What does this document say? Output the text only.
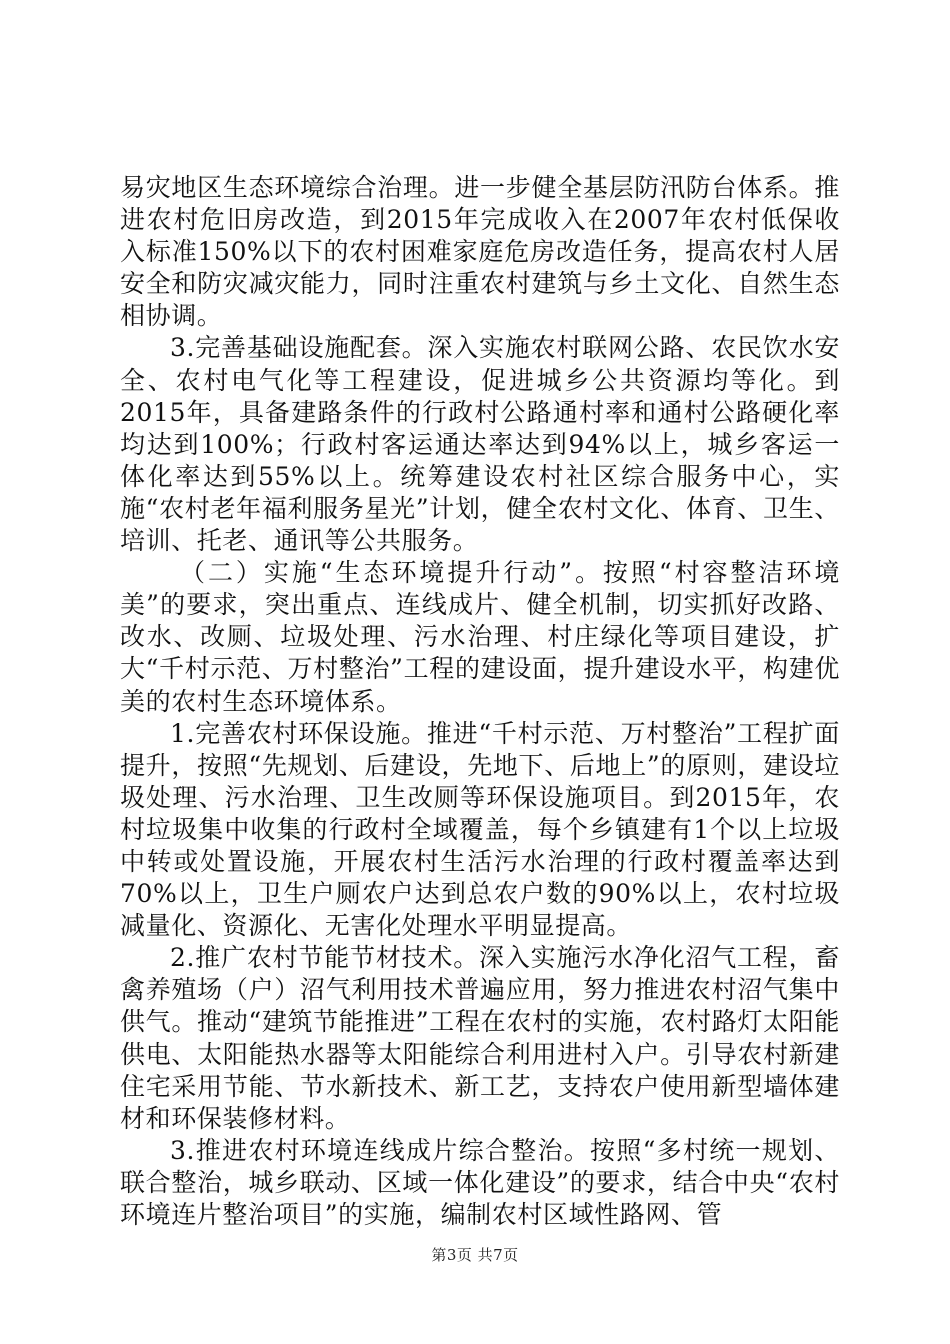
易灾地区生态环境综合治理。进一步健全基层防汛防台体系。推进农村危旧房改造，到2015年完成收入在2007年农村低保收入标准150%以下的农村困难家庭危房改造任务，提高农村人居安全和防灾减灾能力，同时注重农村建筑与乡土文化、自然生态相协调。

3.完善基础设施配套。深入实施农村联网公路、农民饮水安全、农村电气化等工程建设，促进城乡公共资源均等化。到2015年，具备建路条件的行政村公路通村率和通村公路硬化率均达到100%；行政村客运通达率达到94%以上，城乡客运一体化率达到55%以上。统筹建设农村社区综合服务中心，实施“农村老年福利服务星光”计划，健全农村文化、体育、卫生、培训、托老、通讯等公共服务。

（二）实施“生态环境提升行动”。按照“村容整洁环境美”的要求，突出重点、连线成片、健全机制，切实抓好改路、改水、改厕、垃圾处理、污水治理、村庄绿化等项目建设，扩大“千村示范、万村整治”工程的建设面，提升建设水平，构建优美的农村生态环境体系。

1.完善农村环保设施。推进“千村示范、万村整治”工程扩面提升，按照“先规划、后建设，先地下、后地上”的原则，建设垃圾处理、污水治理、卫生改厕等环保设施项目。到2015年，农村垃圾集中收集的行政村全域覆盖，每个乡镇建有1个以上垃圾中转或处置设施，开展农村生活污水治理的行政村覆盖率达到70%以上，卫生户厕农户达到总农户数的90%以上，农村垃圾减量化、资源化、无害化处理水平明显提高。

2.推广农村节能节材技术。深入实施污水净化沼气工程，畜禽养殖场（户）沼气利用技术普遍应用，努力推进农村沼气集中供气。推动“建筑节能推进”工程在农村的实施，农村路灯太阳能供电、太阳能热水器等太阳能综合利用进村入户。引导农村新建住宅采用节能、节水新技术、新工艺，支持农户使用新型墙体建材和环保装修材料。

3.推进农村环境连线成片综合整治。按照“多村统一规划、联合整治，城乡联动、区域一体化建设”的要求，结合中央“农村环境连片整治项目”的实施，编制农村区域性路网、管

第3页 共7页
